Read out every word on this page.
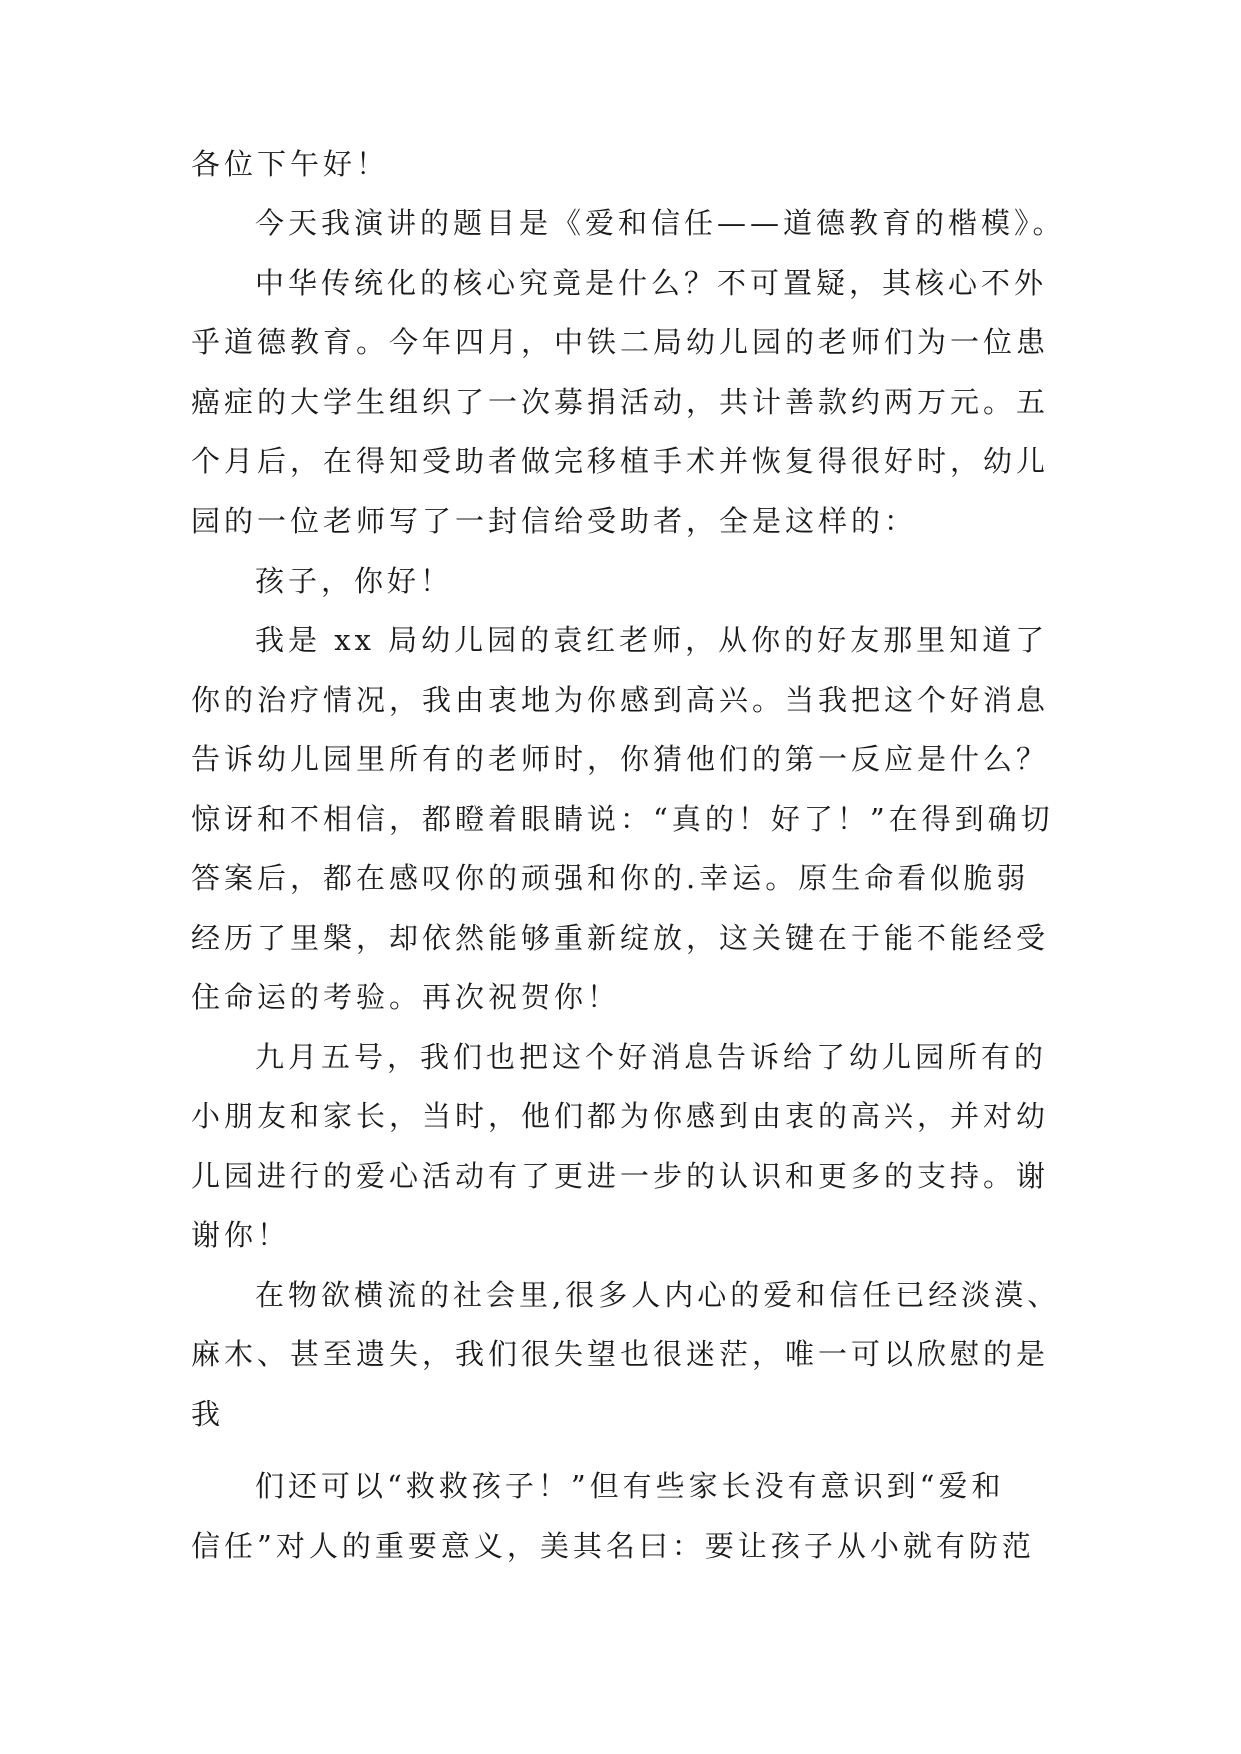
各位下午好！

今天我演讲的题目是《爱和信任——道德教育的楷模》。

中华传统化的核心究竟是什么？不可置疑，其核心不外

乎道德教育。今年四月，中铁二局幼儿园的老师们为一位患

癌症的大学生组织了一次募捐活动，共计善款约两万元。五

个月后，在得知受助者做完移植手术并恢复得很好时，幼儿

园的一位老师写了一封信给受助者，全是这样的：

孩子，你好！

我是 xx 局幼儿园的袁红老师，从你的好友那里知道了

你的治疗情况，我由衷地为你感到高兴。当我把这个好消息

告诉幼儿园里所有的老师时，你猜他们的第一反应是什么？

惊讶和不相信，都瞪着眼睛说：“真的！好了！”在得到确切

答案后，都在感叹你的顽强和你的.幸运。原生命看似脆弱

经历了里槃，却依然能够重新绽放，这关键在于能不能经受

住命运的考验。再次祝贺你！

九月五号，我们也把这个好消息告诉给了幼儿园所有的

小朋友和家长，当时，他们都为你感到由衷的高兴，并对幼

儿园进行的爱心活动有了更进一步的认识和更多的支持。谢

谢你！

在物欲横流的社会里,很多人内心的爱和信任已经淡漠、

麻木、甚至遗失，我们很失望也很迷茫，唯一可以欣慰的是

我

们还可以“救救孩子！”但有些家长没有意识到“爱和

信任”对人的重要意义，美其名曰：要让孩子从小就有防范
